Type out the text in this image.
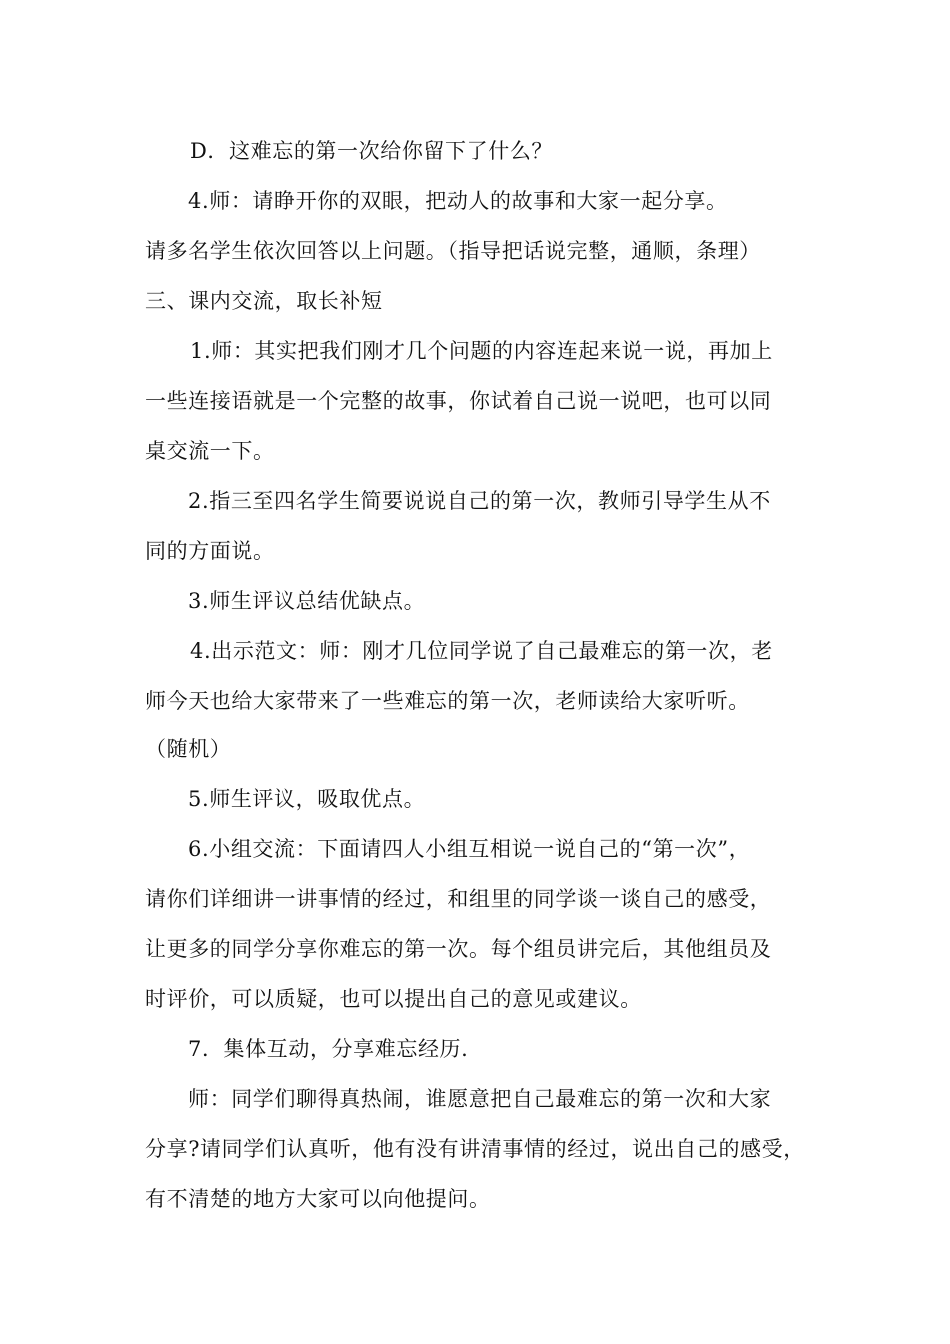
D．这难忘的第一次给你留下了什么？
4.师：请睁开你的双眼，把动人的故事和大家一起分享。
请多名学生依次回答以上问题。（指导把话说完整，通顺，条理）
三、课内交流，取长补短
1.师：其实把我们刚才几个问题的内容连起来说一说，再加上
一些连接语就是一个完整的故事，你试着自己说一说吧，也可以同
桌交流一下。
2.指三至四名学生简要说说自己的第一次，教师引导学生从不
同的方面说。
3.师生评议总结优缺点。
4.出示范文：师：刚才几位同学说了自己最难忘的第一次，老
师今天也给大家带来了一些难忘的第一次，老师读给大家听听。
（随机）
5.师生评议，吸取优点。
6.小组交流：下面请四人小组互相说一说自己的“第一次”，
请你们详细讲一讲事情的经过，和组里的同学谈一谈自己的感受，
让更多的同学分享你难忘的第一次。每个组员讲完后，其他组员及
时评价，可以质疑，也可以提出自己的意见或建议。
7．集体互动，分享难忘经历.
师：同学们聊得真热闹，谁愿意把自己最难忘的第一次和大家
分享?请同学们认真听，他有没有讲清事情的经过，说出自己的感受，
有不清楚的地方大家可以向他提问。
